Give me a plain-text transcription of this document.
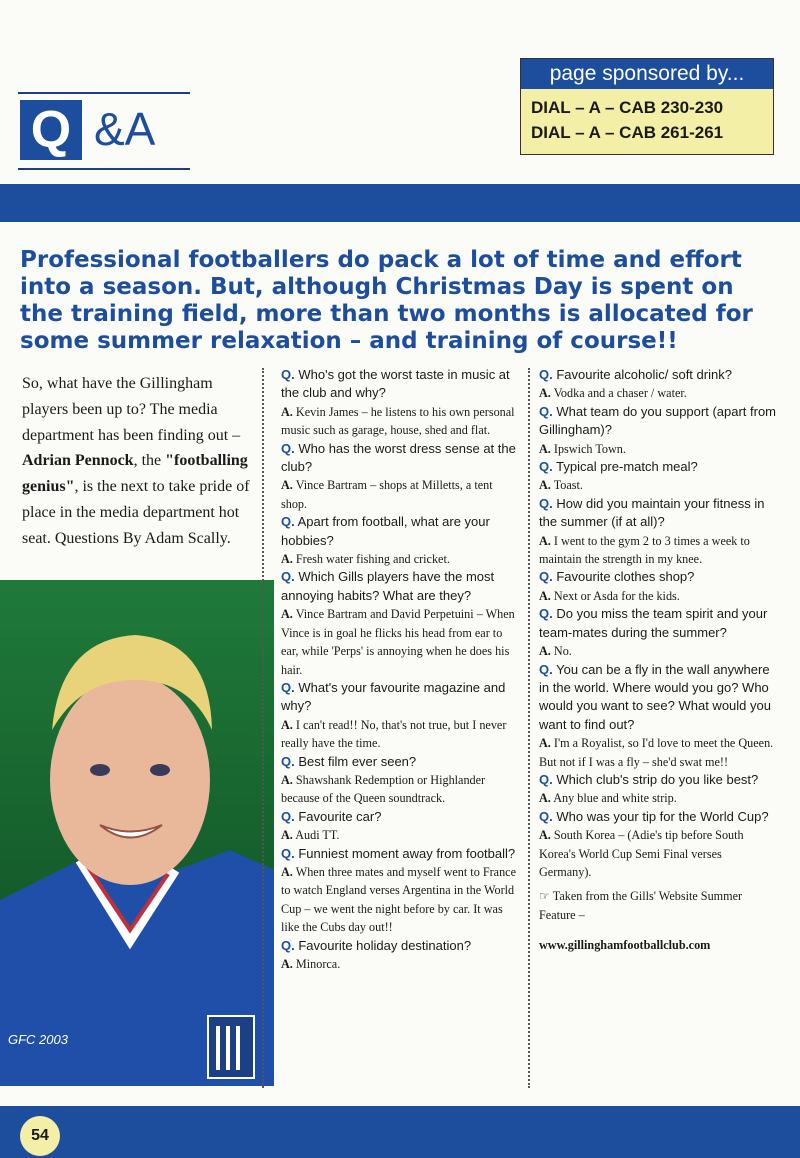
Q &A
page sponsored by...
DIAL – A – CAB 230-230
DIAL – A – CAB 261-261
Professional footballers do pack a lot of time and effort into a season. But, although Christmas Day is spent on the training field, more than two months is allocated for some summer relaxation – and training of course!!
So, what have the Gillingham players been up to? The media department has been finding out – Adrian Pennock, the "footballing genius", is the next to take pride of place in the media department hot seat. Questions By Adam Scally.
GFC 2003

Q. Who's got the worst taste in music at the club and why?

A. Kevin James – he listens to his own personal music such as garage, house, shed and flat.

Q. Who has the worst dress sense at the club?

A. Vince Bartram – shops at Milletts, a tent shop.

Q. Apart from football, what are your hobbies?

A. Fresh water fishing and cricket.

Q. Which Gills players have the most annoying habits? What are they?

A. Vince Bartram and David Perpetuini – When Vince is in goal he flicks his head from ear to ear, while 'Perps' is annoying when he does his hair.

Q. What's your favourite magazine and why?

A. I can't read!! No, that's not true, but I never really have the time.

Q. Best film ever seen?

A. Shawshank Redemption or Highlander because of the Queen soundtrack.

Q. Favourite car?

A. Audi TT.

Q. Funniest moment away from football?

A. When three mates and myself went to France to watch England verses Argentina in the World Cup – we went the night before by car. It was like the Cubs day out!!

Q. Favourite holiday destination?

A. Minorca.

Q. Favourite alcoholic/ soft drink?

A. Vodka and a chaser / water.

Q. What team do you support (apart from Gillingham)?

A. Ipswich Town.

Q. Typical pre-match meal?

A. Toast.

Q. How did you maintain your fitness in the summer (if at all)?

A. I went to the gym 2 to 3 times a week to maintain the strength in my knee.

Q. Favourite clothes shop?

A. Next or Asda for the kids.

Q. Do you miss the team spirit and your team-mates during the summer?

A. No.

Q. You can be a fly in the wall anywhere in the world. Where would you go? Who would you want to see? What would you want to find out?

A. I'm a Royalist, so I'd love to meet the Queen. But not if I was a fly – she'd swat me!!

Q. Which club's strip do you like best?

A. Any blue and white strip.

Q. Who was your tip for the World Cup?

A. South Korea – (Adie's tip before South Korea's World Cup Semi Final verses Germany).

☞ Taken from the Gills' Website Summer Feature –

www.gillinghamfootballclub.com

54
